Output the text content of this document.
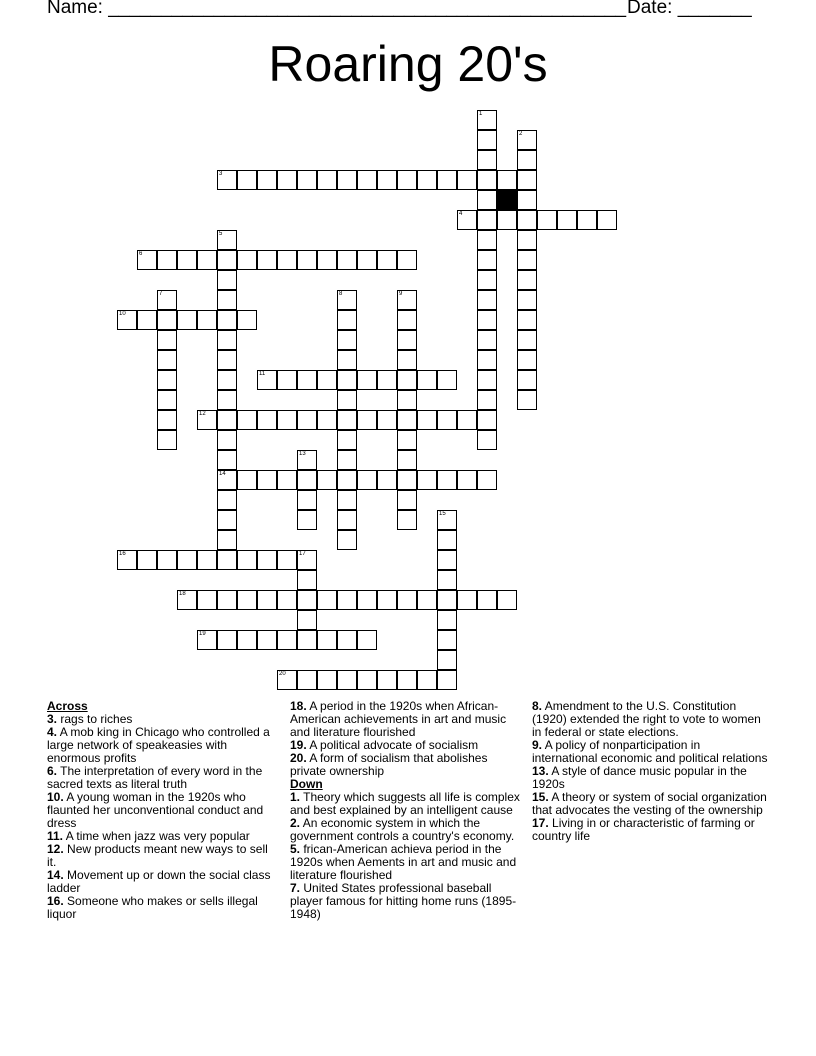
Name: _________________________________________________ Date: _______
Roaring 20's
3
4
6
10
11
12
14
16	17
18
19
20
1
2
5
7	8	9
13
15

Across

3. rags to riches

4. A mob king in Chicago who controlled a large network of speakeasies with enormous profits

6. The interpretation of every word in the sacred texts as literal truth

10. A young woman in the 1920s who flaunted her unconventional conduct and dress

11. A time when jazz was very popular

12. New products meant new ways to sell it.

14. Movement up or down the social class ladder

16. Someone who makes or sells illegal liquor

18. A period in the 1920s when African-American achievements in art and music and literature flourished

19. A political advocate of socialism

20. A form of socialism that abolishes private ownership

Down

1. Theory which suggests all life is complex and best explained by an intelligent cause

2. An economic system in which the government controls a country's economy.

5. frican-American achieva period in the 1920s when Aements in art and music and literature flourished

7. United States professional baseball player famous for hitting home runs (1895-1948)

8. Amendment to the U.S. Constitution (1920) extended the right to vote to women in federal or state elections.

9. A policy of nonparticipation in international economic and political relations

13. A style of dance music popular in the 1920s

15. A theory or system of social organization that advocates the vesting of the ownership

17. Living in or characteristic of farming or country life
